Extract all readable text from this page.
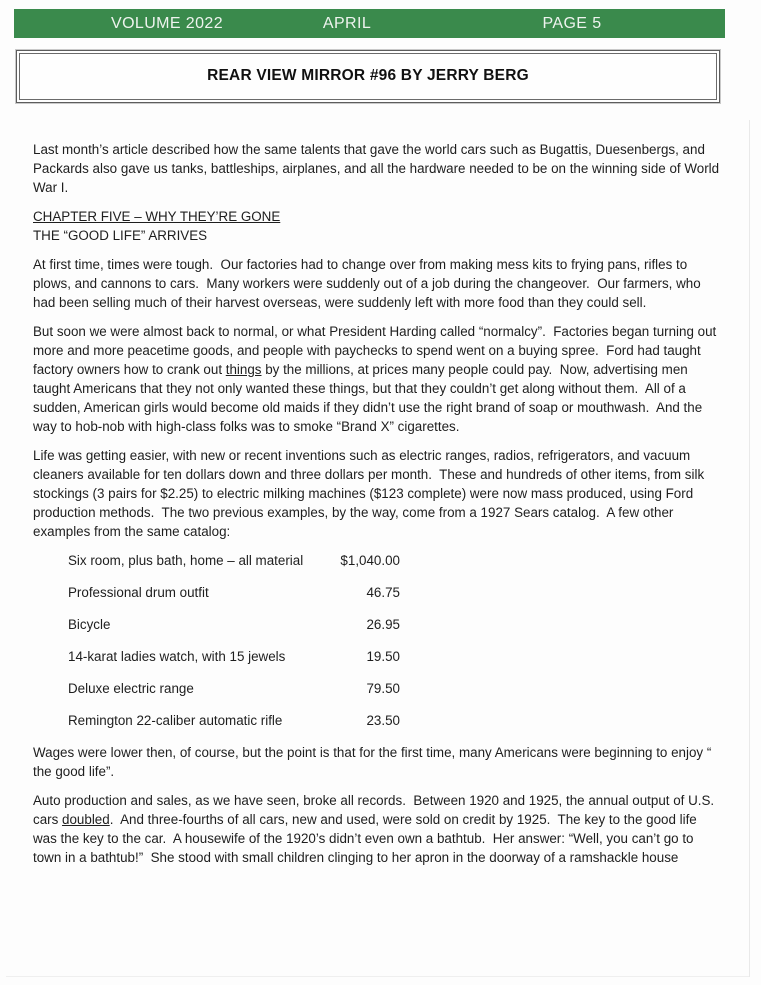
VOLUME 2022	APRIL	PAGE 5
REAR VIEW MIRROR #96 BY JERRY BERG

Last month’s article described how the same talents that gave the world cars such as Bugattis, Duesenbergs, and Packards also gave us tanks, battleships, airplanes, and all the hardware needed to be on the winning side of World War I.

CHAPTER FIVE – WHY THEY’RE GONE

THE “GOOD LIFE” ARRIVES

At first time, times were tough.  Our factories had to change over from making mess kits to frying pans, rifles to plows, and cannons to cars.  Many workers were suddenly out of a job during the changeover.  Our farmers, who had been selling much of their harvest overseas, were suddenly left with more food than they could sell.

But soon we were almost back to normal, or what President Harding called “normalcy”.  Factories began turning out more and more peacetime goods, and people with paychecks to spend went on a buying spree.  Ford had taught factory owners how to crank out things by the millions, at prices many people could pay.  Now, advertising men taught Americans that they not only wanted these things, but that they couldn’t get along without them.  All of a sudden, American girls would become old maids if they didn’t use the right brand of soap or mouthwash.  And the way to hob-nob with high-class folks was to smoke “Brand X” cigarettes.

Life was getting easier, with new or recent inventions such as electric ranges, radios, refrigerators, and vacuum cleaners available for ten dollars down and three dollars per month.  These and hundreds of other items, from silk stockings (3 pairs for $2.25) to electric milking machines ($123 complete) were now mass produced, using Ford production methods.  The two previous examples, by the way, come from a 1927 Sears catalog.  A few other examples from the same catalog:

Six room, plus bath, home – all material	$1,040.00
Professional drum outfit	46.75
Bicycle	26.95
14-karat ladies watch, with 15 jewels	19.50
Deluxe electric range	79.50
Remington 22-caliber automatic rifle	23.50

Wages were lower then, of course, but the point is that for the first time, many Americans were beginning to enjoy “ the good life”.

Auto production and sales, as we have seen, broke all records.  Between 1920 and 1925, the annual output of U.S. cars doubled.  And three-fourths of all cars, new and used, were sold on credit by 1925.  The key to the good life was the key to the car.  A housewife of the 1920’s didn’t even own a bathtub.  Her answer: “Well, you can’t go to town in a bathtub!”  She stood with small children clinging to her apron in the doorway of a ramshackle house
